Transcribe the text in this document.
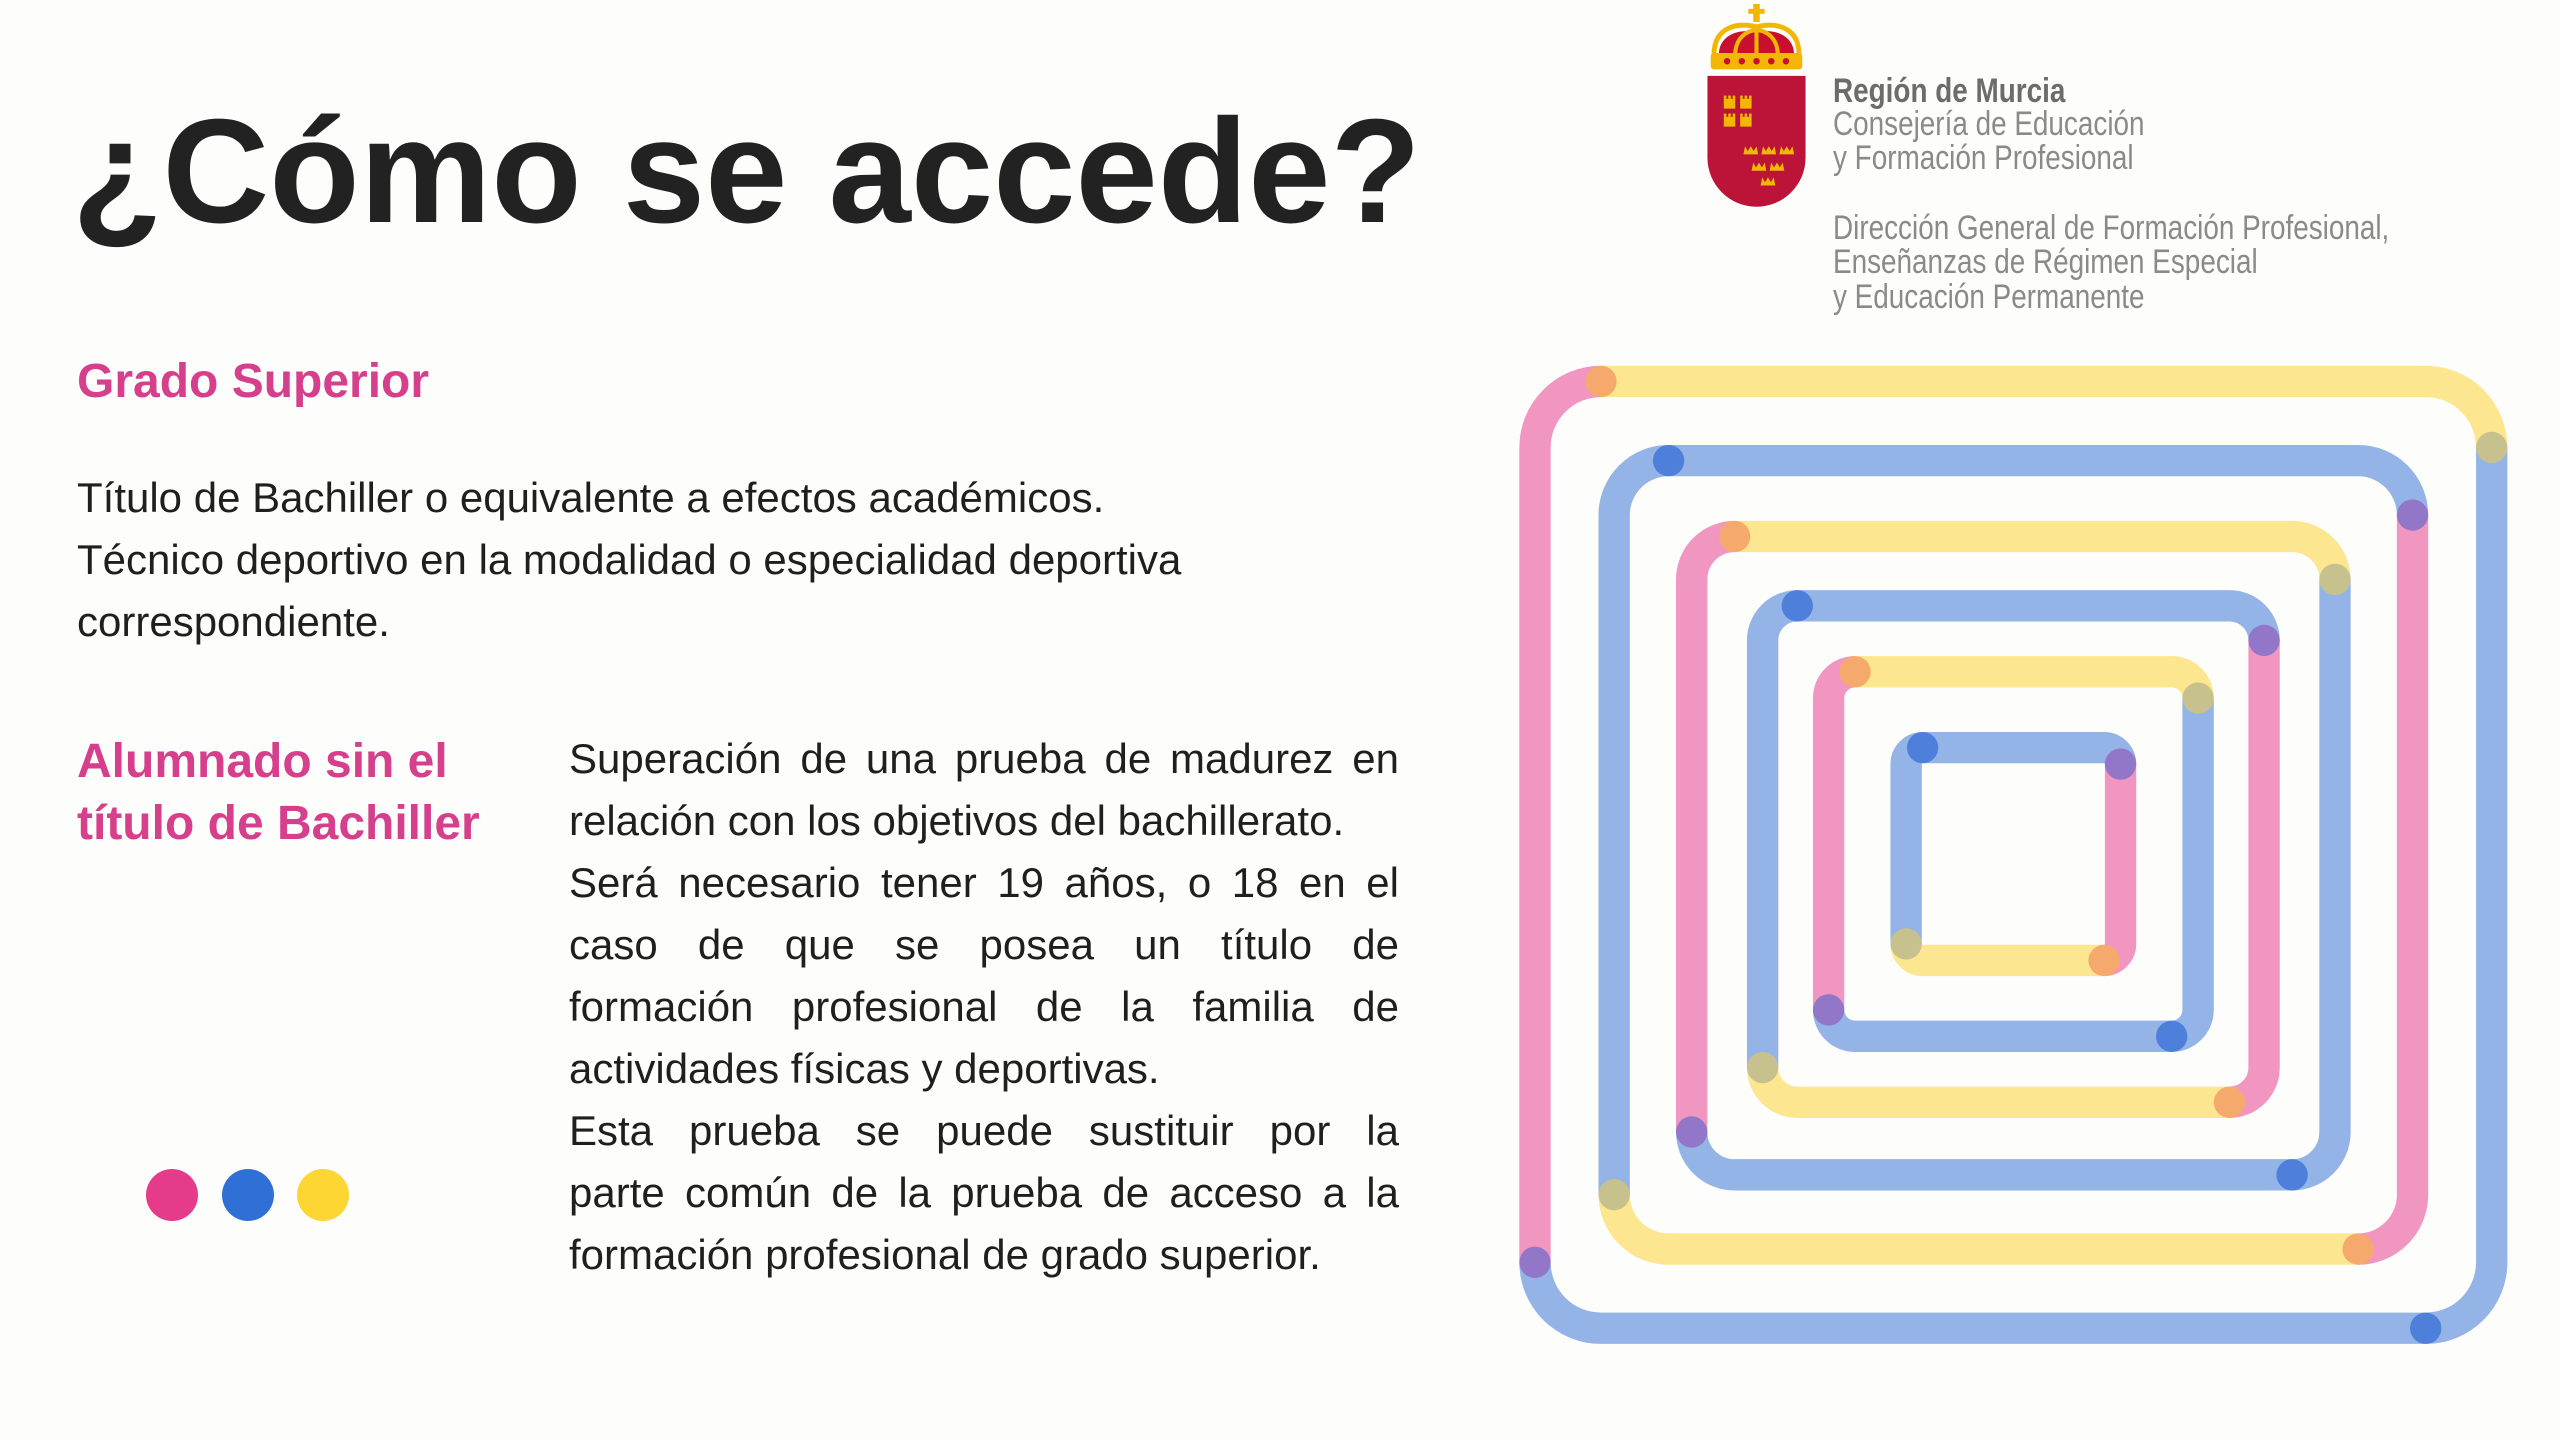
¿Cómo se accede?	Región de Murcia
Consejería de Educación
y Formación Profesional
Dirección General de Formación Profesional,
Enseñanzas de Régimen Especial
y Educación Permanente
Grado Superior
Título de Bachiller o equivalente a efectos académicos.
Técnico deportivo en la modalidad o especialidad deportiva
correspondiente.
Alumnado sin el
título de Bachiller
Superación de una prueba de madurez en
relación con los objetivos del bachillerato.
Será necesario tener 19 años, o 18 en el
caso de que se posea un título de
formación profesional de la familia de
actividades físicas y deportivas.
Esta prueba se puede sustituir por la
parte común de la prueba de acceso a la
formación profesional de grado superior.
